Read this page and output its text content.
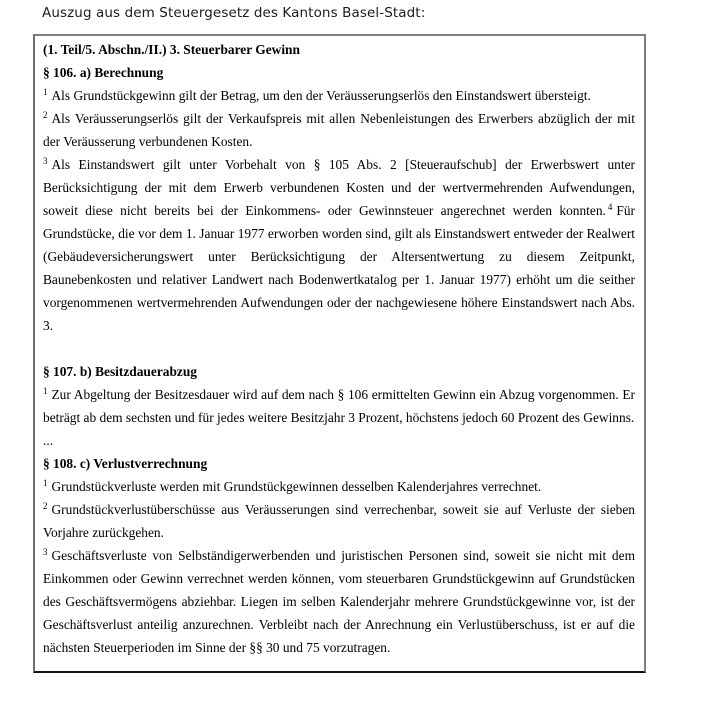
Auszug aus dem Steuergesetz des Kantons Basel-Stadt:

(1. Teil/5. Abschn./II.) 3. Steuerbarer Gewinn

§ 106. a) Berechnung

$^1$ Als Grundstückgewinn gilt der Betrag, um den der Veräusserungserlös den Einstandswert übersteigt.

$^2$ Als Veräusserungserlös gilt der Verkaufspreis mit allen Nebenleistungen des Erwerbers abzüglich der mit der Veräusserung verbundenen Kosten.

$^3$ Als Einstandswert gilt unter Vorbehalt von § 105 Abs. 2 [Steueraufschub] der Erwerbswert unter Berücksichtigung der mit dem Erwerb verbundenen Kosten und der wertvermehrenden Aufwendungen, soweit diese nicht bereits bei der Einkommens- oder Gewinnsteuer angerechnet werden konnten. $^4$ Für Grundstücke, die vor dem 1. Januar 1977 erworben worden sind, gilt als Einstandswert entweder der Realwert (Gebäudeversicherungswert unter Berücksichtigung der Altersentwertung zu diesem Zeitpunkt, Baunebenkosten und relativer Landwert nach Bodenwertkatalog per 1. Januar 1977) erhöht um die seither vorgenommenen wertvermehrenden Aufwendungen oder der nachgewiesene höhere Einstandswert nach Abs. 3.

§ 107. b) Besitzdauerabzug

$^1$ Zur Abgeltung der Besitzesdauer wird auf dem nach § 106 ermittelten Gewinn ein Abzug vorgenommen. Er beträgt ab dem sechsten und für jedes weitere Besitzjahr 3 Prozent, höchstens jedoch 60 Prozent des Gewinns.

...

§ 108. c) Verlustverrechnung

$^1$ Grundstückverluste werden mit Grundstückgewinnen desselben Kalenderjahres verrechnet.

$^2$ Grundstückverlustüberschüsse aus Veräusserungen sind verrechenbar, soweit sie auf Verluste der sieben Vorjahre zurückgehen.

$^3$ Geschäftsverluste von Selbständigerwerbenden und juristischen Personen sind, soweit sie nicht mit dem Einkommen oder Gewinn verrechnet werden können, vom steuerbaren Grundstückgewinn auf Grundstücken des Geschäftsvermögens abziehbar. Liegen im selben Kalenderjahr mehrere Grundstückgewinne vor, ist der Geschäftsverlust anteilig anzurechnen. Verbleibt nach der Anrechnung ein Verlustüberschuss, ist er auf die nächsten Steuerperioden im Sinne der §§ 30 und 75 vorzutragen.
